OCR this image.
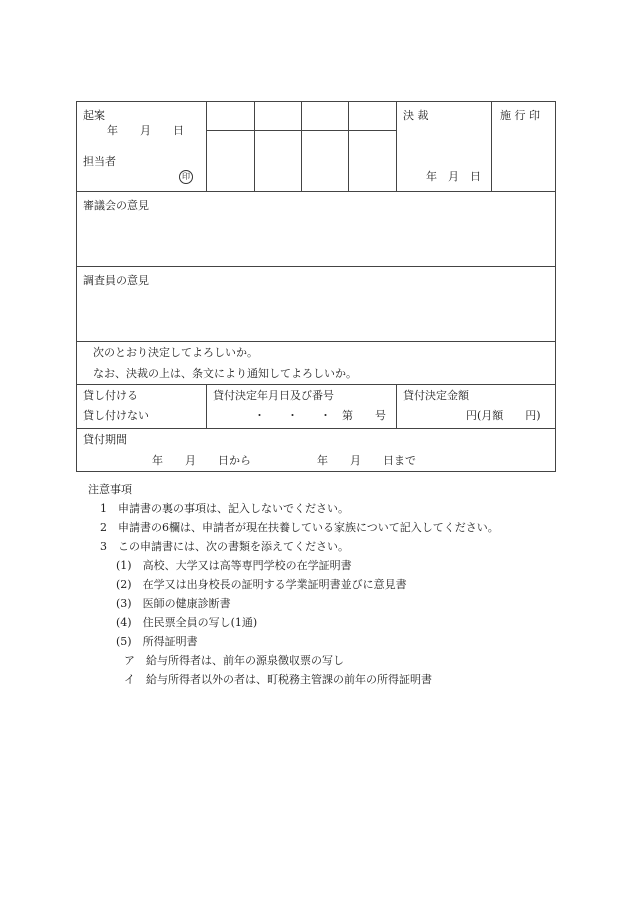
起案
年　　月　　日
担当者
印
決 裁
年　月　日
施 行 印
審議会の意見
調査員の意見
次のとおり決定してよろしいか。
なお、決裁の上は、条文により通知してよろしいか。
貸し付ける
貸し付けない
貸付決定年月日及び番号
・　　・　　・　第　　号
貸付決定金額
円(月額　　円)
貸付期間
年　　月　　日から　　　　　　年　　月　　日まで
注意事項
1　申請書の裏の事項は、記入しないでください。
2　申請書の6欄は、申請者が現在扶養している家族について記入してください。
3　この申請書には、次の書類を添えてください。
(1)　高校、大学又は高等専門学校の在学証明書
(2)　在学又は出身校長の証明する学業証明書並びに意見書
(3)　医師の健康診断書
(4)　住民票全員の写し(1通)
(5)　所得証明書
ア　給与所得者は、前年の源泉徴収票の写し
イ　給与所得者以外の者は、町税務主管課の前年の所得証明書
